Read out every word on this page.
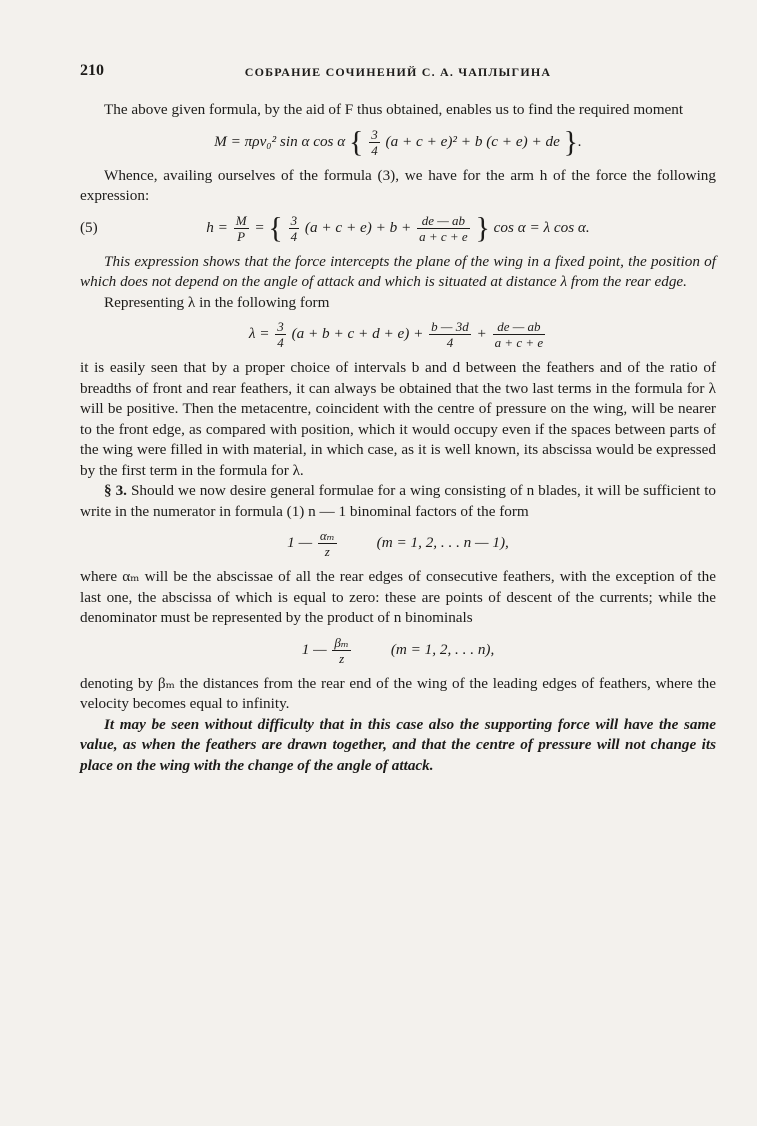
210	СОБРАНИЕ СОЧИНЕНИЙ С. А. ЧАПЛЫГИНА

The above given formula, by the aid of F thus obtained, enables us to find the required moment

M = πρv₀² sin α cos α { $\frac{3}{4} (a + c + e)^2 + b$ (c + e) + de }.

Whence, availing ourselves of the formula (3), we have for the arm h of the force the following expression:

(5)	$h = \frac{M}{P}$ = { $\frac{3}{4} (a + c + e) + b + \frac{de — ab}{a + c + e}$ } cos α = λ cos α.

This expression shows that the force intercepts the plane of the wing in a fixed point, the position of which does not depend on the angle of attack and which is situated at distance λ from the rear edge.

Representing λ in the following form

$\lambda = \frac{3}{4} (a + b + c + d + e) + \frac{b — 3d}{4} + \frac{de — ab}{a + c + e}$

it is easily seen that by a proper choice of intervals b and d between the feathers and of the ratio of breadths of front and rear feathers, it can always be obtained that the two last terms in the formula for λ will be positive. Then the metacentre, coincident with the centre of pressure on the wing, will be nearer to the front edge, as compared with position, which it would occupy even if the spaces between parts of the wing were filled in with material, in which case, as it is well known, its abscissa would be expressed by the first term in the formula for λ.

§ 3. Should we now desire general formulae for a wing consisting of n blades, it will be sufficient to write in the numerator in formula (1) n — 1 binominal factors of the form

1 — $\frac{\text{αₘ}}{z}$	(m = 1, 2, . . . n — 1),

where αₘ will be the abscissae of all the rear edges of consecutive feathers, with the exception of the last one, the abscissa of which is equal to zero: these are points of descent of the currents; while the denominator must be represented by the product of n binominals

1 — $\frac{\text{βₘ}}{z}$	(m = 1, 2, . . . n),

denoting by βₘ the distances from the rear end of the wing of the leading edges of feathers, where the velocity becomes equal to infinity.

It may be seen without difficulty that in this case also the supporting force will have the same value, as when the feathers are drawn together, and that the centre of pressure will not change its place on the wing with the change of the angle of attack.
